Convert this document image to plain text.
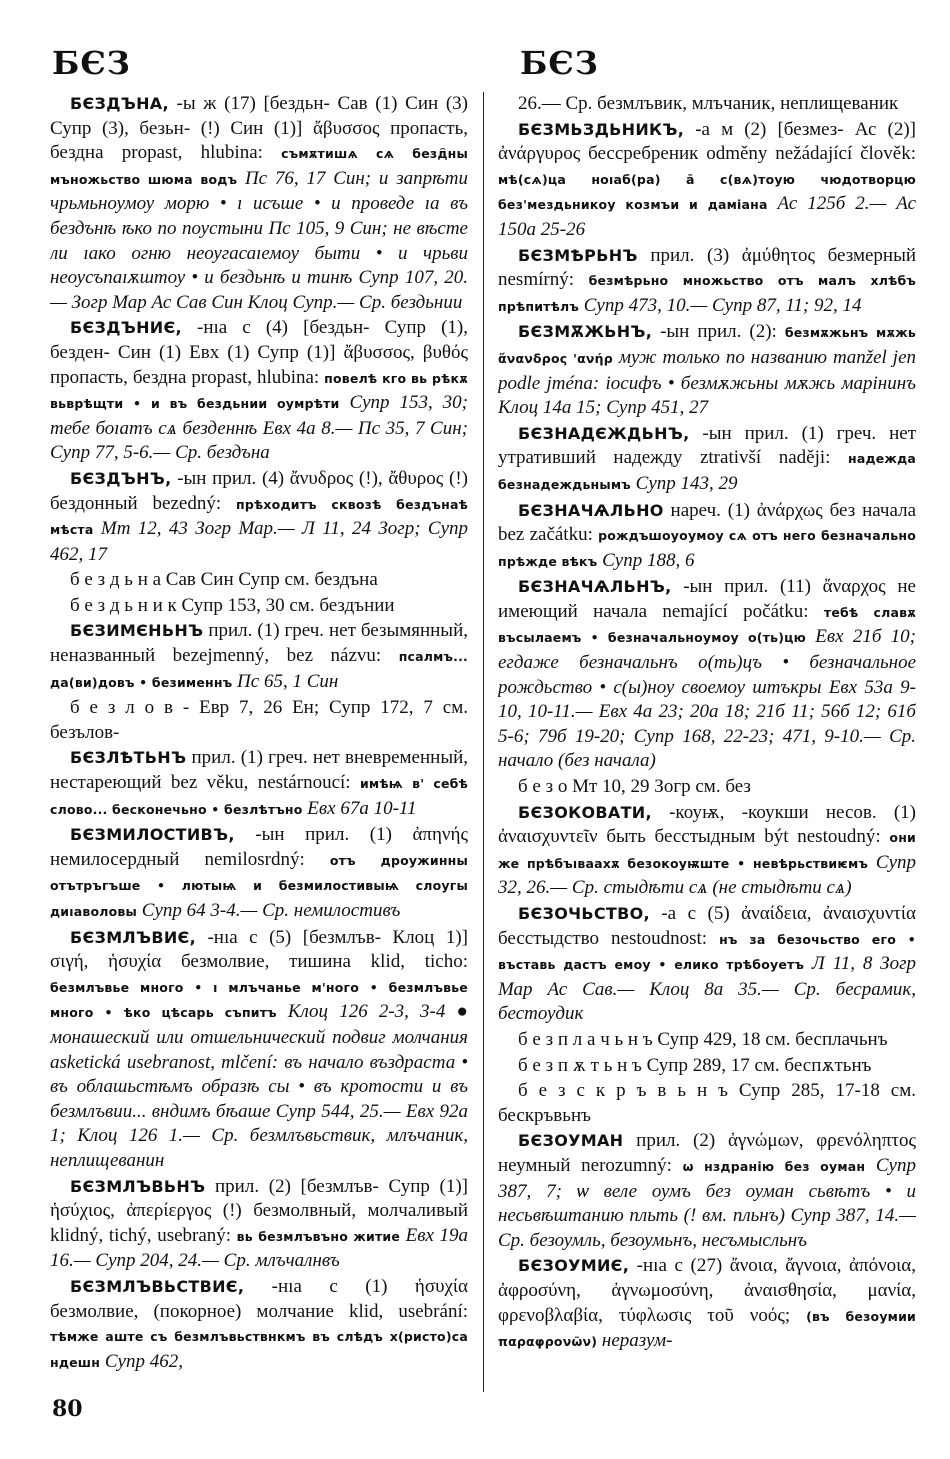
БЄЗ	БЄЗ

БЄЗДЪНА, -ы ж (17) [бездьн- Сав (1) Син (3) Супр (3), безьн- (!) Син (1)] ἄβυσσος пропасть, бездна propast, hlubina: съмѫтишѧ сѧ безд҄ны мъножьство шюма водъ Пс 76, 17 Син; и запрѣти чрьмьноумоу морю • ı исъше • и проведе ıа въ бездънѣ ѣко по поустыни Пс 105, 9 Син; не вѣсте ли ıако огню неоугасаıемоу быти • и чрьви неоусъпаıѫштоу • и бездьнѣ и тинѣ Супр 107, 20.— Зогр Мар Ас Сав Син Клоц Супр.— Ср. бездьнии

БЄЗДЪНИЄ, -нıа с (4) [бездьн- Супр (1), безден- Син (1) Евх (1) Супр (1)] ἄβυσσος, βυθός пропасть, бездна propast, hlubina: повелѣ кго вь рѣкѫ вьврѣщти • и въ бездьнии оумрѣти Супр 153, 30; тебе боıатъ сѧ безденнѣ Евх 4а 8.— Пс 35, 7 Син; Супр 77, 5-6.— Ср. бездъна

БЄЗДЪНЪ, -ын прил. (4) ἄνυδρος (!), ἄθυρος (!) бездонный bezedný: прѣходитъ сквозѣ бездънаѣ мѣста Мт 12, 43 Зогр Мар.— Л 11, 24 Зогр; Супр 462, 17

б е з д ь н а Сав Син Супр см. бездъна

б е з д ь н и к Супр 153, 30 см. бездънии

БЄЗИМЄНЬНЪ прил. (1) греч. нет безымянный, неназванный bezejmenný, bez názvu: псалмъ... да(ви)довъ • безименнъ Пс 65, 1 Син

б е з л о в - Евр 7, 26 Ен; Супр 172, 7 см. безълов-

БЄЗЛѢТЬНЪ прил. (1) греч. нет вневременный, нестареющий bez věku, nestárnoucí: имѣѩ в' себѣ слово... бесконечьно • безлѣтъно Евх 67а 10-11

БЄЗМИЛОСТИВЪ, -ын прил. (1) ἀπηνής немилосердный nemilosrdný: отъ дроужинны отътръгъше • лютыѩ и безмилостивыѩ слоугы диıаволовы Супр 64 3-4.— Ср. немилостивъ

БЄЗМЛЪВИЄ, -нıа с (5) [безмлъв- Клоц 1)] σιγή, ἡσυχία безмолвие, тишина klid, ticho: безмлъвье много • ı млъчанье м'ного • безмлъвье много • ѣко цѣсарь съпитъ Клоц 126 2-3, 3-4 ● монашеский или отшельнический подвиг молчания asketická usebranost, mlčení: въ начало въздраста • въ облашьстѣмъ образѣ сы • въ кротости и въ безмлъвии... вндимъ бѣаше Супр 544, 25.— Евх 92а 1; Клоц 126 1.— Ср. безмлъвьствик, млъчаник, неплищеванин

БЄЗМЛЪВЬНЪ прил. (2) [безмлъв- Супр (1)] ἡσύχιος, ἀπερίεργος (!) безмолвный, молчаливый klidný, tichý, usebraný: вь безмлъвъно житие Евх 19а 16.— Супр 204, 24.— Ср. млъчалнвъ

БЄЗМЛЪВЬСТВИЄ, -нıа с (1) ἡσυχία безмолвие, (покорное) молчание klid, usebrání: тѣмже аште съ безмлъвьствнкмъ въ слѣдъ х(ристо)са ндешн Супр 462,

26.— Ср. безмлъвик, млъчаник, неплищеваник

БЄЗМЬЗДЬНИКЪ, -а м (2) [безмез- Ас (2)] ἀνάργυρος бессребреник odměny nežádající člověk: мѣ(сѧ)ца ноıаб(ра) а̄ с(вѧ)тоую чюдотворцю без'мездьникоу козмъи и даміана Ас 125б 2.— Ас 150а 25-26

БЄЗМѢРЬНЪ прил. (3) ἀμύθητος безмерный nesmírný: безмѣрьно множьство отъ малъ хлѣбъ прѣпитѣлъ Супр 473, 10.— Супр 87, 11; 92, 14

БЄЗМѪЖЬНЪ, -ын прил. (2): безмѫжьнъ мѫжь ἄνανδρος 'ανήρ муж только по названию manžel jen podle jména: іосифъ • безмѫжьны мѫжь марінинъ Клоц 14а 15; Супр 451, 27

БЄЗНАДЄЖДЬНЪ, -ын прил. (1) греч. нет утративший надежду ztrativší naději: надежда безнадеждьнымъ Супр 143, 29

БЄЗНАЧѦЛЬНО нареч. (1) ἀνάρχως без начала bez začátku: рождъшоуоумоу сѧ отъ него безначально прѣжде вѣкъ Супр 188, 6

БЄЗНАЧѦЛЬНЪ, -ын прил. (11) ἄναρχος не имеющий начала nemající počátku: тебѣ славѫ въсылаемъ • безначальноумоу о(ть)цю Евх 21б 10; егдаже безначальнъ о(ть)цъ • безначальное рождьство • с(ы)ноу своемоу штъкры Евх 53а 9-10, 10-11.— Евх 4а 23; 20а 18; 21б 11; 56б 12; 61б 5-6; 79б 19-20; Супр 168, 22-23; 471, 9-10.— Ср. начало (без начала)

б е з о Мт 10, 29 Зогр см. без

БЄЗОКОВАТИ, -коуѭ, -коукши несов. (1) ἀναισχυντεῖν быть бесстыдным být nestoudný: они же прѣбъıваахѫ безокоуѭште • невѣрьствиѥмъ Супр 32, 26.— Ср. стыдѣти сѧ (не стыдѣти сѧ)

БЄЗОЧЬСТВО, -а с (5) ἀναίδεια, ἀναισχυντία бесстыдство nestoudnost: нъ за безочьство его • въставь дастъ емоу • елико трѣбоуетъ Л 11, 8 Зогр Мар Ас Сав.— Клоц 8а 35.— Ср. бесрамик, бестоудик

б е з п л а ч ь н ъ Супр 429, 18 см. бесплачьнъ

б е з п ѫ т ь н ъ Супр 289, 17 см. беспѫтьнъ

б е з с к р ъ в ь н ъ Супр 285, 17-18 см. бескръвьнъ

БЄЗОУМАН прил. (2) ἀγνώμων, φρενόληπτος неумный nerozumný: ѡ нздранію без оуман Супр 387, 7; ѡ веле оумъ без оуман сьвѣтъ • и несьвѣштанию пльть (! вм. пльнъ) Супр 387, 14.— Ср. безоумль, безоумьнъ, несъмысльнъ

БЄЗОУМИЄ, -нıа с (27) ἄνοια, ἄγνοια, ἀπόνοια, ἀφροσύνη, ἀγνωμοσύνη, ἀναισθησία, μανία, φρενοβλαβία, τύφλωσις τοῦ νοός; (въ безоумии παραφρονῶν) неразум-

80
